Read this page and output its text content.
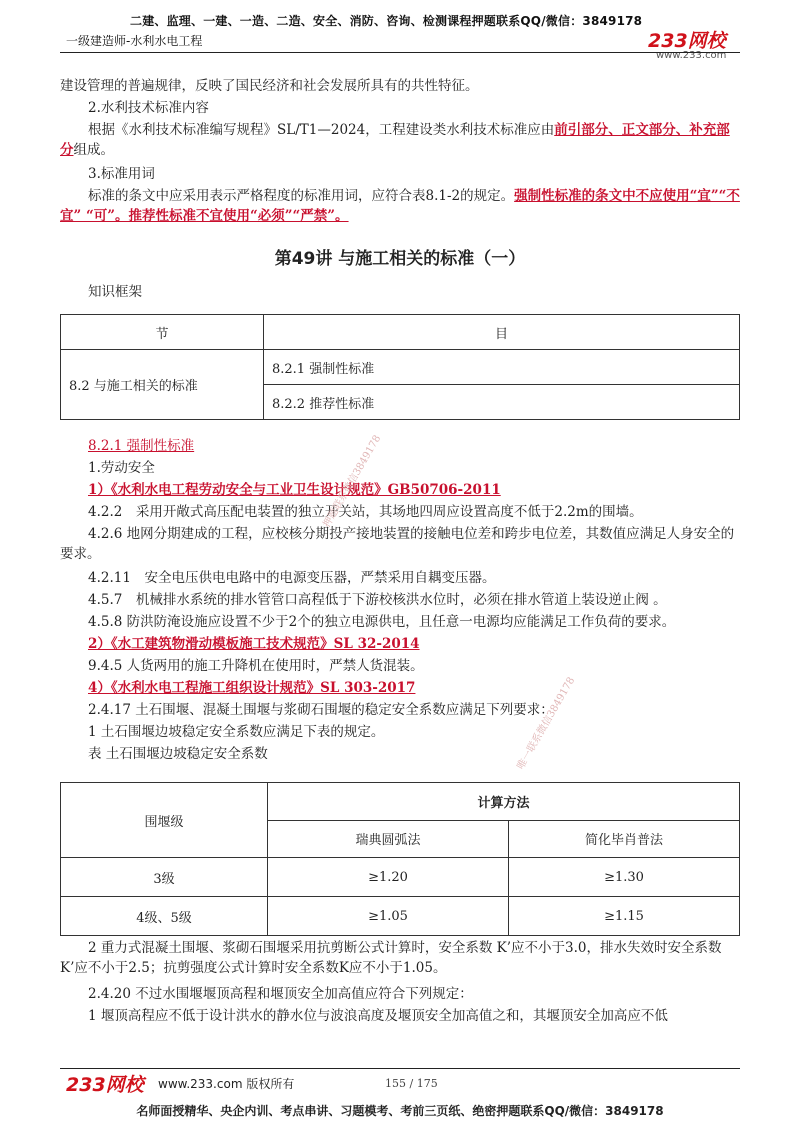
二建、监理、一建、一造、二造、安全、消防、咨询、检测课程押题联系QQ/微信：3849178
一级建造师-水利水电工程	233网校
www.233.com
建设管理的普遍规律，反映了国民经济和社会发展所具有的共性特征。
2.水利技术标准内容
根据《水利技术标准编写规程》SL/T1—2024，工程建设类水利技术标准应由前引部分、正文部分、补充部分组成。
3.标准用词
标准的条文中应采用表示严格程度的标准用词，应符合表8.1-2的规定。强制性标准的条文中不应使用“宜”“不宜” “可”。推荐性标准不宜使用“必须”“严禁”。
第49讲 与施工相关的标准（一）
知识框架
节	目
8.2 与施工相关的标准	8.2.1 强制性标准
	8.2.2 推荐性标准
8.2.1 强制性标准
1.劳动安全
1）《水利水电工程劳动安全与工业卫生设计规范》GB50706-2011
4.2.2　采用开敞式高压配电装置的独立开关站，其场地四周应设置高度不低于2.2m的围墙。
4.2.6 地网分期建成的工程，应校核分期投产接地装置的接触电位差和跨步电位差，其数值应满足人身安全的要求。
4.2.11　安全电压供电电路中的电源变压器，严禁采用自耦变压器。
4.5.7　机械排水系统的排水管管口高程低于下游校核洪水位时，必须在排水管道上装设逆止阀 。
4.5.8 防洪防淹设施应设置不少于2个的独立电源供电，且任意一电源均应能满足工作负荷的要求。
2）《水工建筑物滑动模板施工技术规范》SL 32-2014
9.4.5 人货两用的施工升降机在使用时，严禁人货混装。
4）《水利水电工程施工组织设计规范》SL 303-2017
2.4.17 土石围堰、混凝土围堰与浆砌石围堰的稳定安全系数应满足下列要求：
1 土石围堰边坡稳定安全系数应满足下表的规定。
表 土石围堰边坡稳定安全系数
围堰级	计算方法	
	瑞典圆弧法	简化毕肖普法
3级	≥1.20	≥1.30
4级、5级	≥1.05	≥1.15
2 重力式混凝土围堰、浆砌石围堰采用抗剪断公式计算时，安全系数 K’应不小于3.0，排水失效时安全系数K’应不小于2.5；抗剪强度公式计算时安全系数K应不小于1.05。
2.4.20 不过水围堰堰顶高程和堰顶安全加高值应符合下列规定：
1 堰顶高程应不低于设计洪水的静水位与波浪高度及堰顶安全加高值之和，其堰顶安全加高应不低
押题联系微信3849178
唯一联系微信3849178
233网校 www.233.com 版权所有	155 / 175
名师面授精华、央企内训、考点串讲、习题模考、考前三页纸、绝密押题联系QQ/微信：3849178
